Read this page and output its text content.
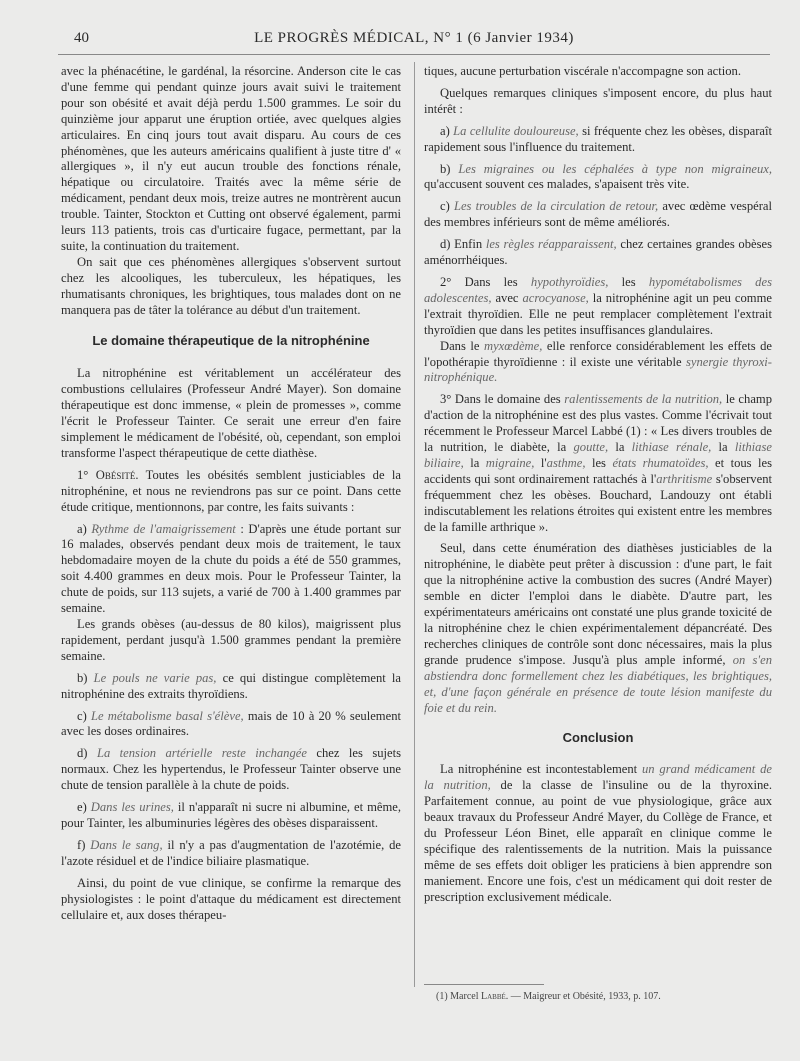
40	LE PROGRÈS MÉDICAL, N° 1 (6 Janvier 1934)

avec la phénacétine, le gardénal, la résorcine. Anderson cite le cas d'une femme qui pendant quinze jours avait suivi le traitement pour son obésité et avait déjà perdu 1.500 grammes. Le soir du quinzième jour apparut une éruption ortiée, avec quelques algies articulaires. En cinq jours tout avait disparu. Au cours de ces phénomènes, que les auteurs américains qualifient à juste titre d' « allergiques », il n'y eut aucun trouble des fonctions rénale, hépatique ou circulatoire. Traités avec la même série de médicament, pendant deux mois, treize autres ne montrèrent aucun trouble. Tainter, Stockton et Cutting ont observé également, parmi leurs 113 patients, trois cas d'urticaire fugace, permettant, par la suite, la continuation du traitement.

On sait que ces phénomènes allergiques s'observent surtout chez les alcooliques, les tuberculeux, les hépatiques, les rhumatisants chroniques, les brightiques, tous malades dont on ne manquera pas de tâter la tolérance au début d'un traitement.

Le domaine thérapeutique de la nitrophénine

La nitrophénine est véritablement un accélérateur des combustions cellulaires (Professeur André Mayer). Son domaine thérapeutique est donc immense, « plein de promesses », comme l'écrit le Professeur Tainter. Ce serait une erreur d'en faire simplement le médicament de l'obésité, où, cependant, son emploi transforme l'aspect thérapeutique de cette diathèse.

1° Obésité. Toutes les obésités semblent justiciables de la nitrophénine, et nous ne reviendrons pas sur ce point. Dans cette étude critique, mentionnons, par contre, les faits suivants :

a) Rythme de l'amaigrissement : D'après une étude portant sur 16 malades, observés pendant deux mois de traitement, le taux hebdomadaire moyen de la chute du poids a été de 550 grammes, soit 4.400 grammes en deux mois. Pour le Professeur Tainter, la chute de poids, sur 113 sujets, a varié de 700 à 1.400 grammes par semaine.

Les grands obèses (au-dessus de 80 kilos), maigrissent plus rapidement, perdant jusqu'à 1.500 grammes pendant la première semaine.

b) Le pouls ne varie pas, ce qui distingue complètement la nitrophénine des extraits thyroïdiens.

c) Le métabolisme basal s'élève, mais de 10 à 20 % seulement avec les doses ordinaires.

d) La tension artérielle reste inchangée chez les sujets normaux. Chez les hypertendus, le Professeur Tainter observe une chute de tension parallèle à la chute de poids.

e) Dans les urines, il n'apparaît ni sucre ni albumine, et même, pour Tainter, les albuminuries légères des obèses disparaissent.

f) Dans le sang, il n'y a pas d'augmentation de l'azotémie, de l'azote résiduel et de l'indice biliaire plasmatique.

Ainsi, du point de vue clinique, se confirme la remarque des physiologistes : le point d'attaque du médicament est directement cellulaire et, aux doses thérapeu-

tiques, aucune perturbation viscérale n'accompagne son action.

Quelques remarques cliniques s'imposent encore, du plus haut intérêt :

a) La cellulite douloureuse, si fréquente chez les obèses, disparaît rapidement sous l'influence du traitement.

b) Les migraines ou les céphalées à type non migraineux, qu'accusent souvent ces malades, s'apaisent très vite.

c) Les troubles de la circulation de retour, avec œdème vespéral des membres inférieurs sont de même améliorés.

d) Enfin les règles réapparaissent, chez certaines grandes obèses aménorrhéiques.

2° Dans les hypothyroïdies, les hypométabolismes des adolescentes, avec acrocyanose, la nitrophénine agit un peu comme l'extrait thyroïdien. Elle ne peut remplacer complètement l'extrait thyroïdien que dans les petites insuffisances glandulaires.

Dans le myxœdème, elle renforce considérablement les effets de l'opothérapie thyroïdienne : il existe une véritable synergie thyroxi-nitrophénique.

3° Dans le domaine des ralentissements de la nutrition, le champ d'action de la nitrophénine est des plus vastes. Comme l'écrivait tout récemment le Professeur Marcel Labbé (1) : « Les divers troubles de la nutrition, le diabète, la goutte, la lithiase rénale, la lithiase biliaire, la migraine, l'asthme, les états rhumatoïdes, et tous les accidents qui sont ordinairement rattachés à l'arthritisme s'observent fréquemment chez les obèses. Bouchard, Landouzy ont établi indiscutablement les relations étroites qui existent entre les membres de la famille arthrique ».

Seul, dans cette énumération des diathèses justiciables de la nitrophénine, le diabète peut prêter à discussion : d'une part, le fait que la nitrophénine active la combustion des sucres (André Mayer) semble en dicter l'emploi dans le diabète. D'autre part, les expérimentateurs américains ont constaté une plus grande toxicité de la nitrophénine chez le chien expérimentalement dépancréaté. Des recherches cliniques de contrôle sont donc nécessaires, mais la plus grande prudence s'impose. Jusqu'à plus ample informé, on s'en abstiendra donc formellement chez les diabétiques, les brightiques, et, d'une façon générale en présence de toute lésion manifeste du foie et du rein.

Conclusion

La nitrophénine est incontestablement un grand médicament de la nutrition, de la classe de l'insuline ou de la thyroxine. Parfaitement connue, au point de vue physiologique, grâce aux beaux travaux du Professeur André Mayer, du Collège de France, et du Professeur Léon Binet, elle apparaît en clinique comme le spécifique des ralentissements de la nutrition. Mais la puissance même de ses effets doit obliger les praticiens à bien apprendre son maniement. Encore une fois, c'est un médicament qui doit rester de prescription exclusivement médicale.

(1) Marcel Labbé. — Maigreur et Obésité, 1933, p. 107.
